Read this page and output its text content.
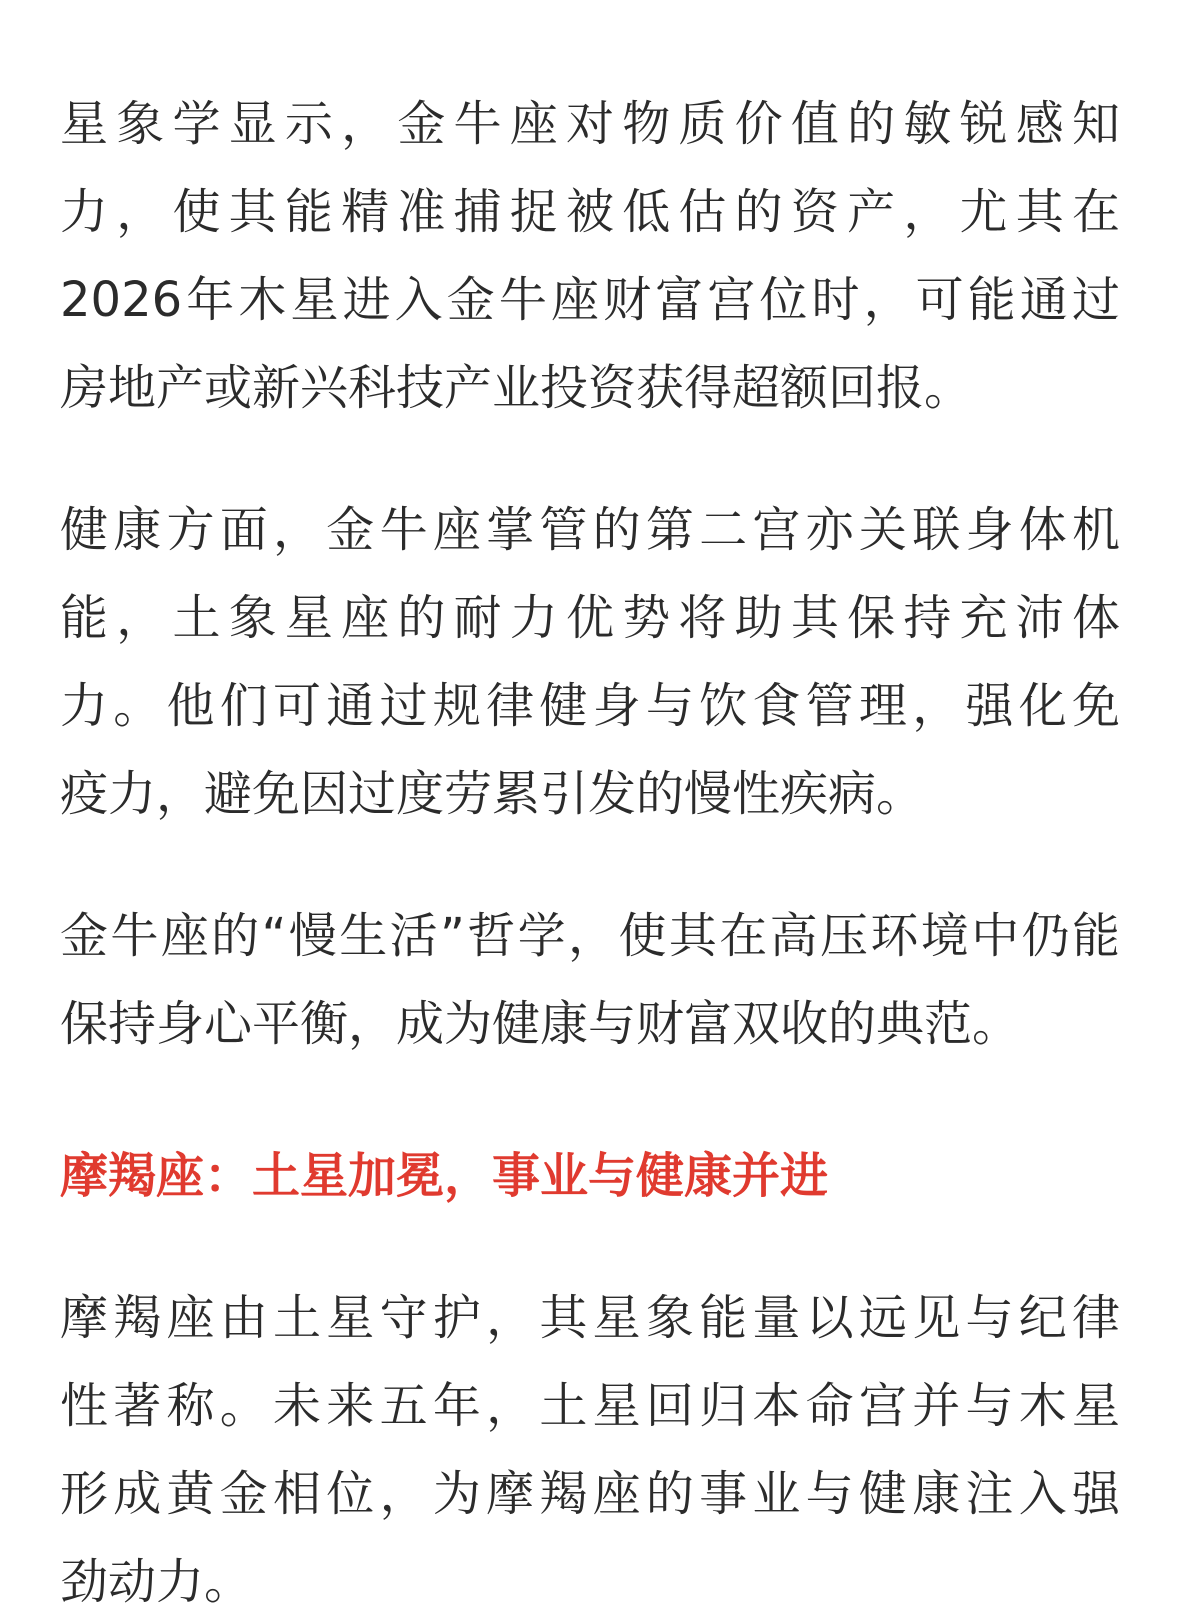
星象学显示，金牛座对物质价值的敏锐感知
力，使其能精准捕捉被低估的资产，尤其在
2026年木星进入金牛座财富宫位时，可能通过
房地产或新兴科技产业投资获得超额回报。
健康方面，金牛座掌管的第二宫亦关联身体机
能，土象星座的耐力优势将助其保持充沛体
力。他们可通过规律健身与饮食管理，强化免
疫力，避免因过度劳累引发的慢性疾病。
金牛座的“慢生活”哲学，使其在高压环境中仍能
保持身心平衡，成为健康与财富双收的典范。
摩羯座：土星加冕，事业与健康并进
摩羯座由土星守护，其星象能量以远见与纪律
性著称。未来五年，土星回归本命宫并与木星
形成黄金相位，为摩羯座的事业与健康注入强
劲动力。
